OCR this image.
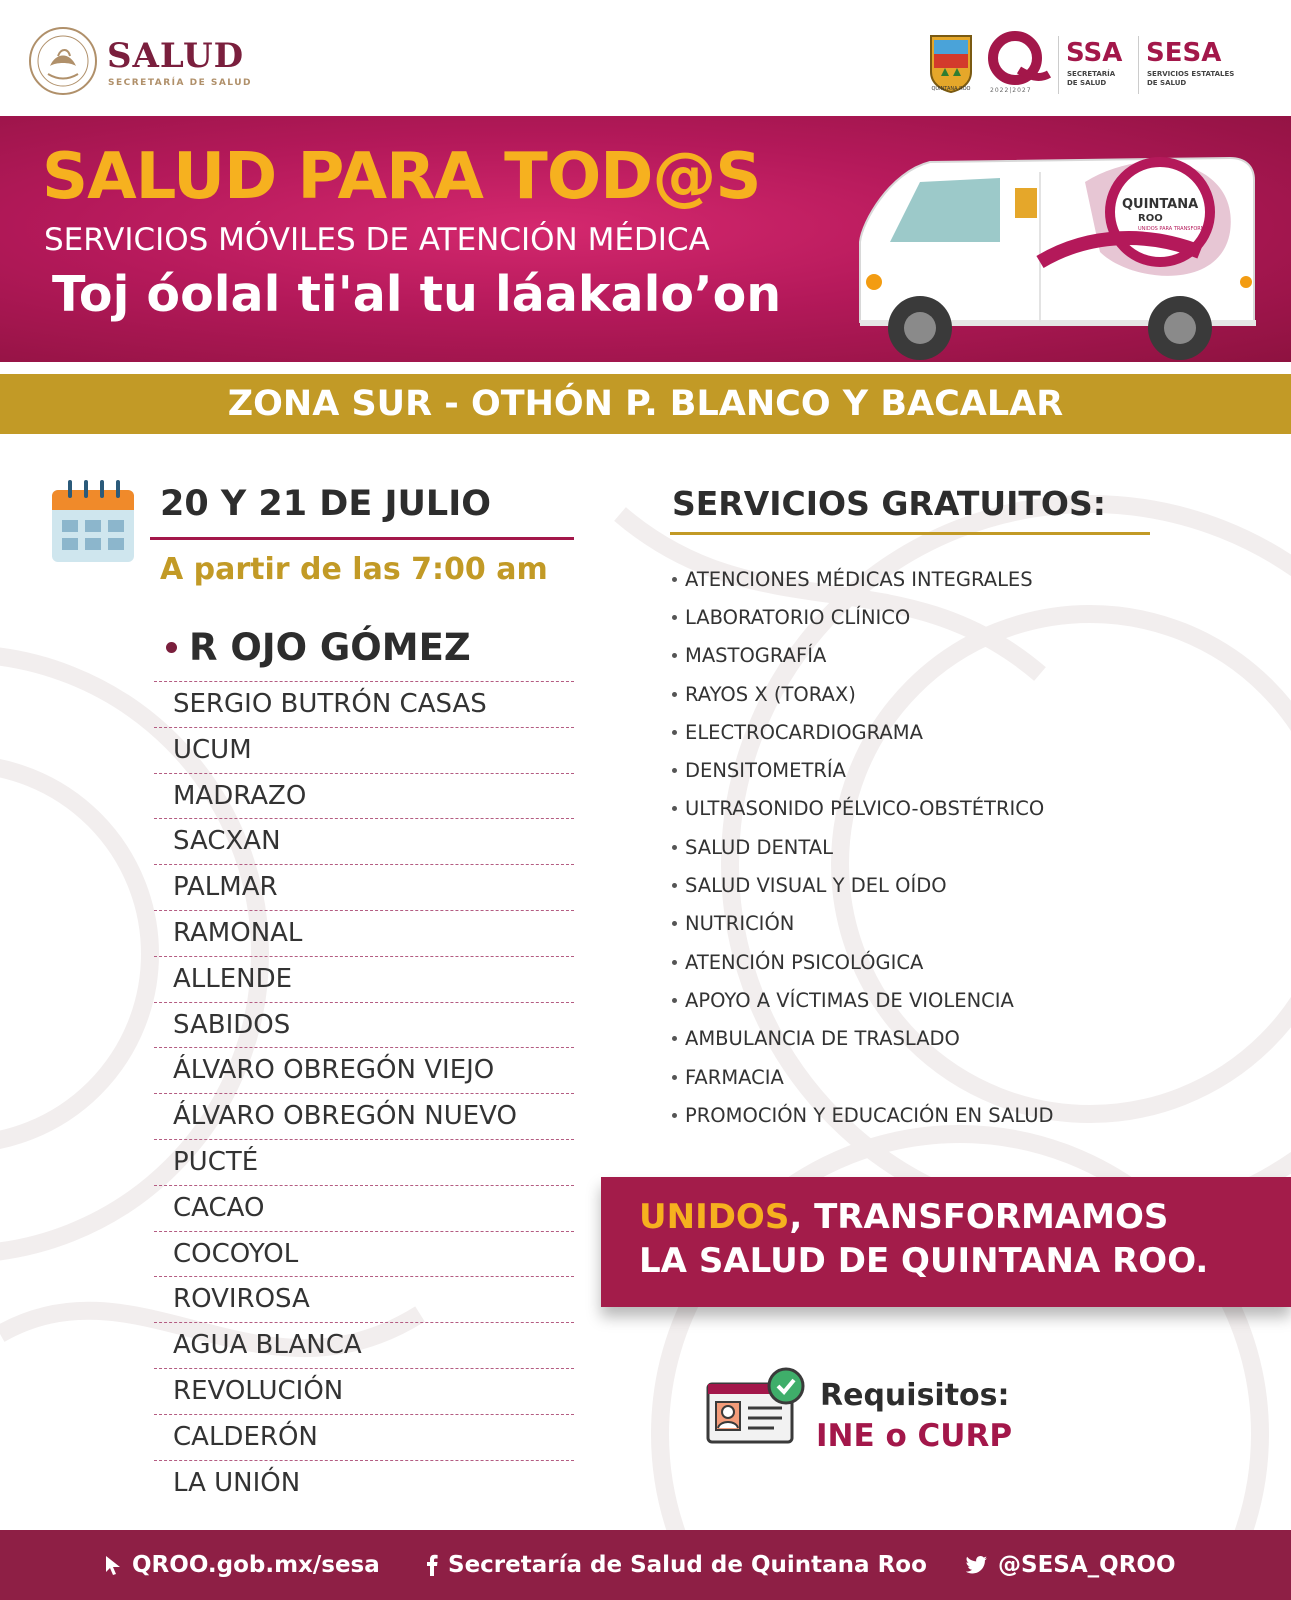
SALUD
SECRETARÍA DE SALUD
QUINTANA ROO	2022|2027
SSA
SECRETARÍA
DE SALUD
SESA
SERVICIOS ESTATALES
DE SALUD
SALUD PARA TOD@S
SERVICIOS MÓVILES DE ATENCIÓN MÉDICA
Toj óolal ti'al tu láakalo’on
QUINTANA
ROO
UNIDOS PARA TRANSFORMAR
ZONA SUR - OTHÓN P. BLANCO Y BACALAR
20 Y 21 DE JULIO
A partir de las 7:00 am
R OJO GÓMEZ
SERGIO BUTRÓN CASAS
UCUM
MADRAZO
SACXAN
PALMAR
RAMONAL
ALLENDE
SABIDOS
ÁLVARO OBREGÓN VIEJO
ÁLVARO OBREGÓN NUEVO
PUCTÉ
CACAO
COCOYOL
ROVIROSA
AGUA BLANCA
REVOLUCIÓN
CALDERÓN
LA UNIÓN
SERVICIOS GRATUITOS:
ATENCIONES MÉDICAS INTEGRALES
LABORATORIO CLÍNICO
MASTOGRAFÍA
RAYOS X (TORAX)
ELECTROCARDIOGRAMA
DENSITOMETRÍA
ULTRASONIDO PÉLVICO-OBSTÉTRICO
SALUD DENTAL
SALUD VISUAL Y DEL OÍDO
NUTRICIÓN
ATENCIÓN PSICOLÓGICA
APOYO A VÍCTIMAS DE VIOLENCIA
AMBULANCIA DE TRASLADO
FARMACIA
PROMOCIÓN Y EDUCACIÓN EN SALUD
UNIDOS, TRANSFORMAMOS
LA SALUD DE QUINTANA ROO.
Requisitos:
INE o CURP
QROO.gob.mx/sesa	Secretaría de Salud de Quintana Roo	@SESA_QROO
